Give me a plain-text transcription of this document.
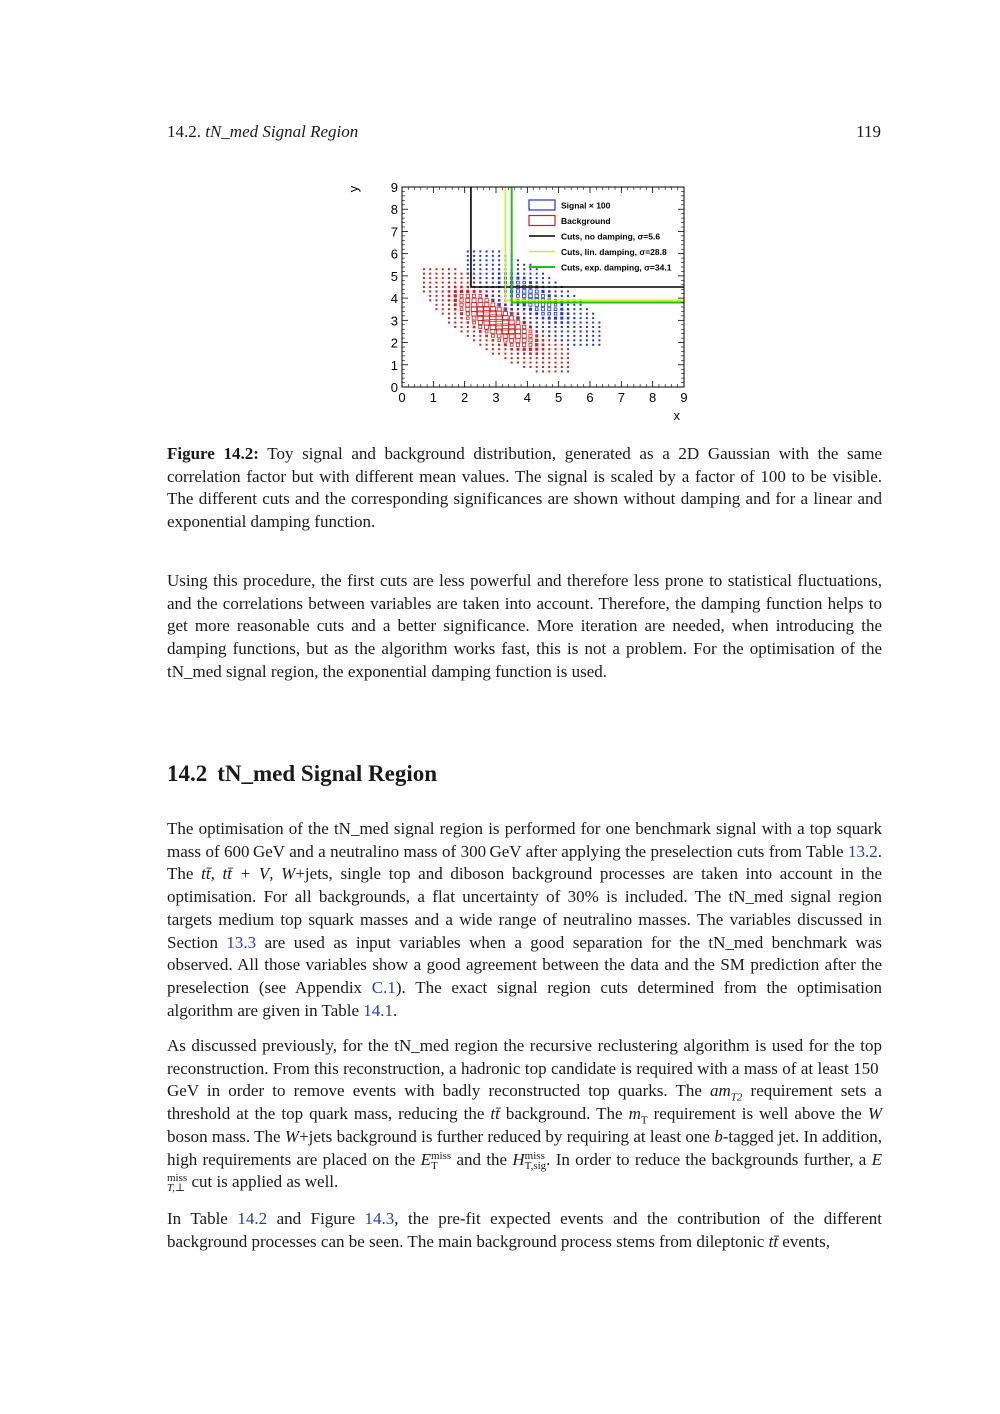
14.2. tN_med Signal Region	119
0
0
1
1
2
2
3
3
4
4
5
5
6
6
7
7
8
8
9
9
x
y
Signal × 100
Background
Cuts, no damping, σ=5.6
Cuts, lin. damping, σ=28.8
Cuts, exp. damping, σ=34.1
Figure 14.2: Toy signal and background distribution, generated as a 2D Gaussian with the same correlation factor but with different mean values. The signal is scaled by a factor of 100 to be visible. The different cuts and the corresponding significances are shown without damping and for a linear and exponential damping function.
Using this procedure, the first cuts are less powerful and therefore less prone to statistical fluctuations, and the correlations between variables are taken into account. Therefore, the damping function helps to get more reasonable cuts and a better significance. More iteration are needed, when introducing the damping functions, but as the algorithm works fast, this is not a problem. For the optimisation of the tN_med signal region, the exponential damping function is used.
14.2 tN_med Signal Region
The optimisation of the tN_med signal region is performed for one benchmark signal with a top squark mass of 600 GeV and a neutralino mass of 300 GeV after applying the preselection cuts from Table 13.2. The tt̄, tt̄ + V, W+jets, single top and diboson background processes are taken into account in the optimisation. For all backgrounds, a flat uncertainty of 30% is included. The tN_med signal region targets medium top squark masses and a wide range of neutralino masses. The variables discussed in Section 13.3 are used as input variables when a good separation for the tN_med benchmark was observed. All those variables show a good agreement between the data and the SM prediction after the preselection (see Appendix C.1). The exact signal region cuts determined from the optimisation algorithm are given in Table 14.1.
As discussed previously, for the tN_med region the recursive reclustering algorithm is used for the top reconstruction. From this reconstruction, a hadronic top candidate is required with a mass of at least 150 GeV in order to remove events with badly reconstructed top quarks. The $am_{T2}$ requirement sets a threshold at the top quark mass, reducing the tt̄ background. The $m_T$ requirement is well above the W boson mass. The W+jets background is further reduced by requiring at least one b-tagged jet. In addition, high requirements are placed on the E miss
T and the H miss
T,sig . In order to reduce the backgrounds further, a E
miss
T,⊥ cut is applied as well.
In Table 14.2 and Figure 14.3, the pre-fit expected events and the contribution of the different background processes can be seen. The main background process stems from dileptonic tt̄ events,
